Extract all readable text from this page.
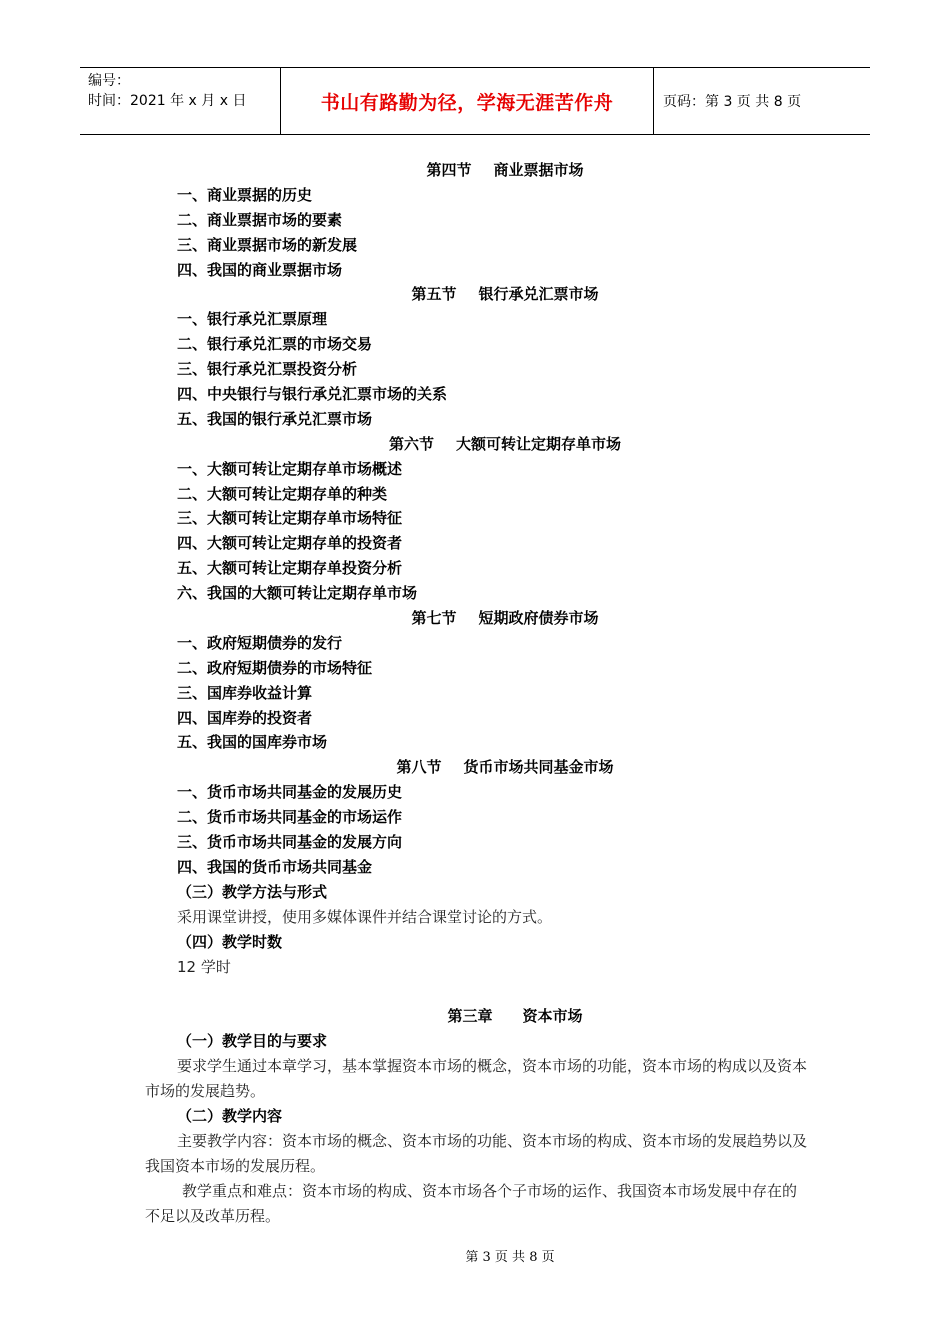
编号：
时间：2021 年 x 月 x 日	书山有路勤为径，学海无涯苦作舟	页码：第 3 页 共 8 页
第四节 商业票据市场
一、商业票据的历史
二、商业票据市场的要素
三、商业票据市场的新发展
四、我国的商业票据市场
第五节 银行承兑汇票市场
一、银行承兑汇票原理
二、银行承兑汇票的市场交易
三、银行承兑汇票投资分析
四、中央银行与银行承兑汇票市场的关系
五、我国的银行承兑汇票市场
第六节 大额可转让定期存单市场
一、大额可转让定期存单市场概述
二、大额可转让定期存单的种类
三、大额可转让定期存单市场特征
四、大额可转让定期存单的投资者
五、大额可转让定期存单投资分析
六、我国的大额可转让定期存单市场
第七节 短期政府债券市场
一、政府短期债券的发行
二、政府短期债券的市场特征
三、国库券收益计算
四、国库券的投资者
五、我国的国库券市场
第八节 货币市场共同基金市场
一、货币市场共同基金的发展历史
二、货币市场共同基金的市场运作
三、货币市场共同基金的发展方向
四、我国的货币市场共同基金
（三）教学方法与形式
采用课堂讲授，使用多媒体课件并结合课堂讨论的方式。
（四）教学时数
12 学时
第三章 资本市场
（一）教学目的与要求
要求学生通过本章学习，基本掌握资本市场的概念，资本市场的功能，资本市场的构成以及资本市场的发展趋势。
（二）教学内容
主要教学内容：资本市场的概念、资本市场的功能、资本市场的构成、资本市场的发展趋势以及我国资本市场的发展历程。
教学重点和难点：资本市场的构成、资本市场各个子市场的运作、我国资本市场发展中存在的不足以及改革历程。
第 3 页 共 8 页
